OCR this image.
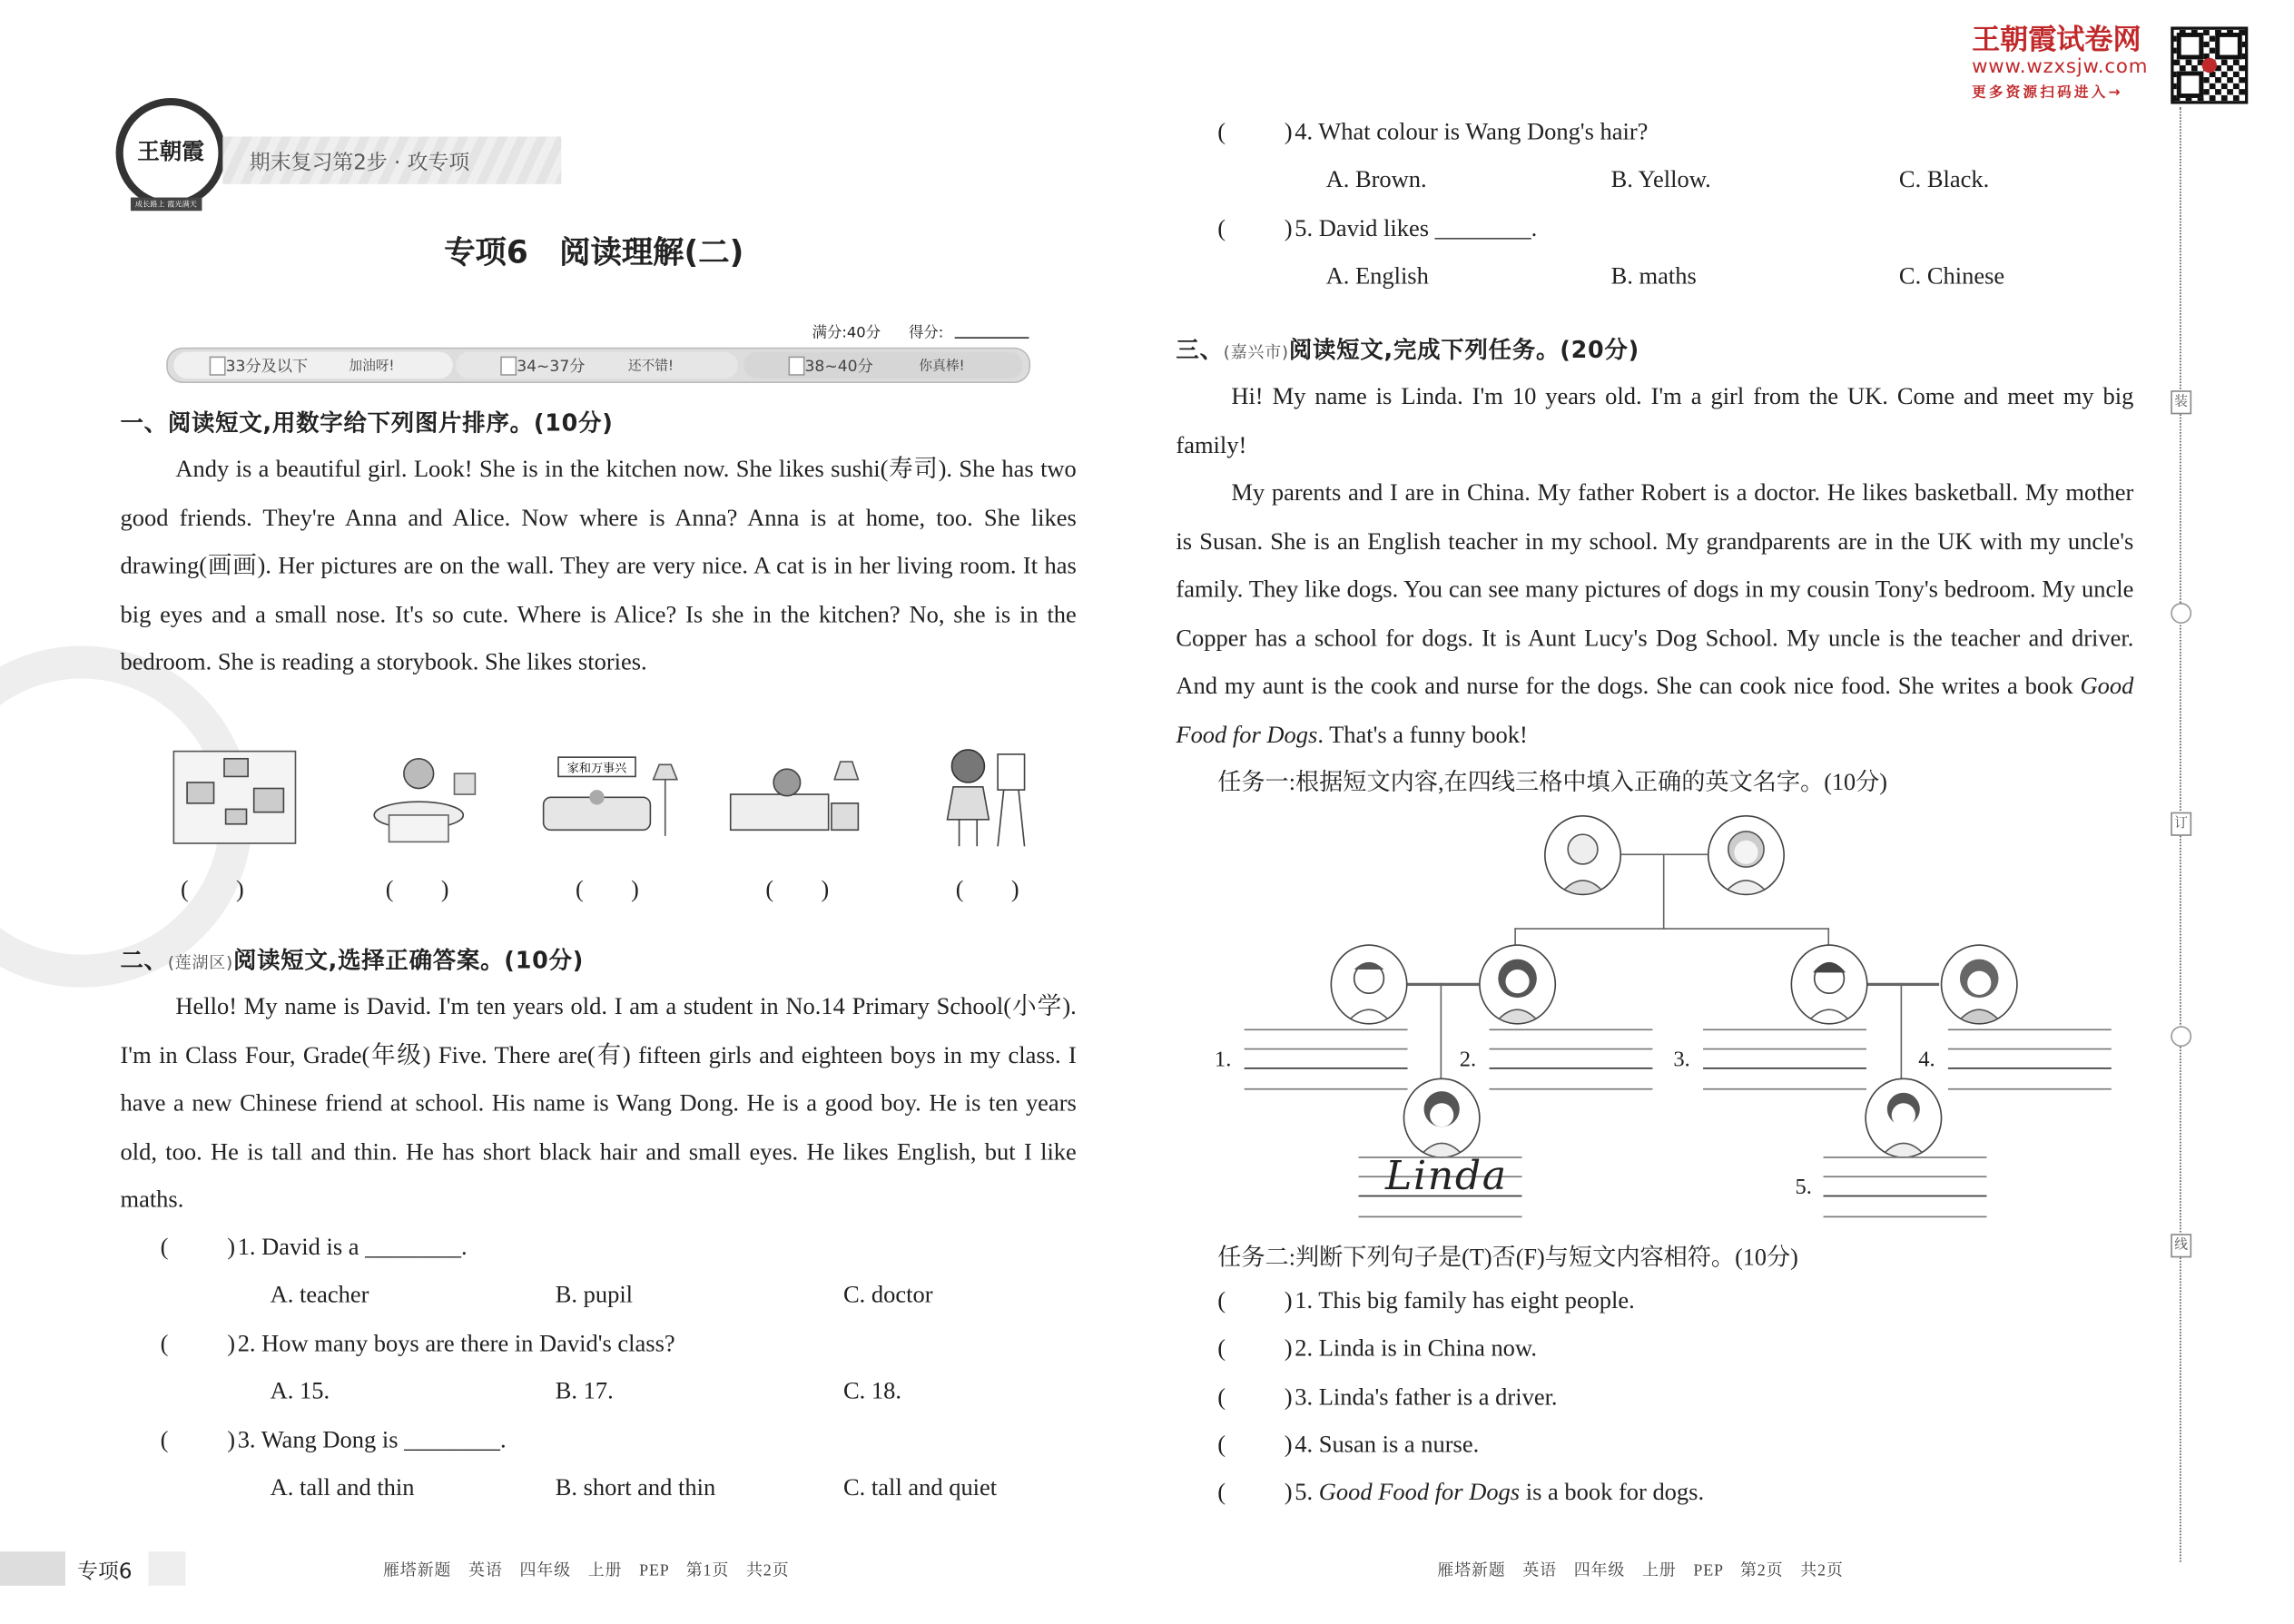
王朝霞
成长路上 霞光满天
期末复习第2步 · 攻专项
专项6　阅读理解(二)
满分:40分	得分:
33分及以下	加油呀!	34~37分	还不错!	38~40分	你真棒!
一、阅读短文,用数字给下列图片排序。(10分)
Andy is a beautiful girl. Look! She is in the kitchen now. She likes sushi(寿司). She has two good friends. They're Anna and Alice. Now where is Anna? Anna is at home, too. She likes drawing(画画). Her pictures are on the wall. They are very nice. A cat is in her living room. It has big eyes and a small nose. It's so cute. Where is Alice? Is she in the kitchen? No, she is in the bedroom. She is reading a storybook. She likes stories.
家和万事兴
(　　)	(　　)	(　　)	(　　)	(　　)
二、(莲湖区)阅读短文,选择正确答案。(10分)
Hello! My name is David. I'm ten years old. I am a student in No.14 Primary School(小学). I'm in Class Four, Grade(年级) Five. There are(有) fifteen girls and eighteen boys in my class. I have a new Chinese friend at school. His name is Wang Dong. He is a good boy. He is ten years old, too. He is tall and thin. He has short black hair and small eyes. He likes English, but I like maths.
(	) 1. David is a ________.
A. teacher	B. pupil	C. doctor
(	) 2. How many boys are there in David's class?
A. 15.	B. 17.	C. 18.
(	) 3. Wang Dong is ________.
A. tall and thin	B. short and thin	C. tall and quiet
专项6	雁塔新题　英语　四年级　上册　PEP　第1页　共2页
王朝霞试卷网
www.wzxsjw.com
更多资源扫码进入→
装
订
线
(	) 4. What colour is Wang Dong's hair?
A. Brown.	B. Yellow.	C. Black.
(	) 5. David likes ________.
A. English	B. maths	C. Chinese
三、(嘉兴市)阅读短文,完成下列任务。(20分)
Hi! My name is Linda. I'm 10 years old. I'm a girl from the UK. Come and meet my big family!
My parents and I are in China. My father Robert is a doctor. He likes basketball. My mother is Susan. She is an English teacher in my school. My grandparents are in the UK with my uncle's family. They like dogs. You can see many pictures of dogs in my cousin Tony's bedroom. My uncle Copper has a school for dogs. It is Aunt Lucy's Dog School. My uncle is the teacher and driver. And my aunt is the cook and nurse for the dogs. She can cook nice food. She writes a book Good Food for Dogs. That's a funny book!
任务一:根据短文内容,在四线三格中填入正确的英文名字。(10分)
1.	2.	3.	4.
Linda	5.
任务二:判断下列句子是(T)否(F)与短文内容相符。(10分)
(	) 1. This big family has eight people.
(	) 2. Linda is in China now.
(	) 3. Linda's father is a driver.
(	) 4. Susan is a nurse.
(	) 5. Good Food for Dogs is a book for dogs.
雁塔新题　英语　四年级　上册　PEP　第2页　共2页
